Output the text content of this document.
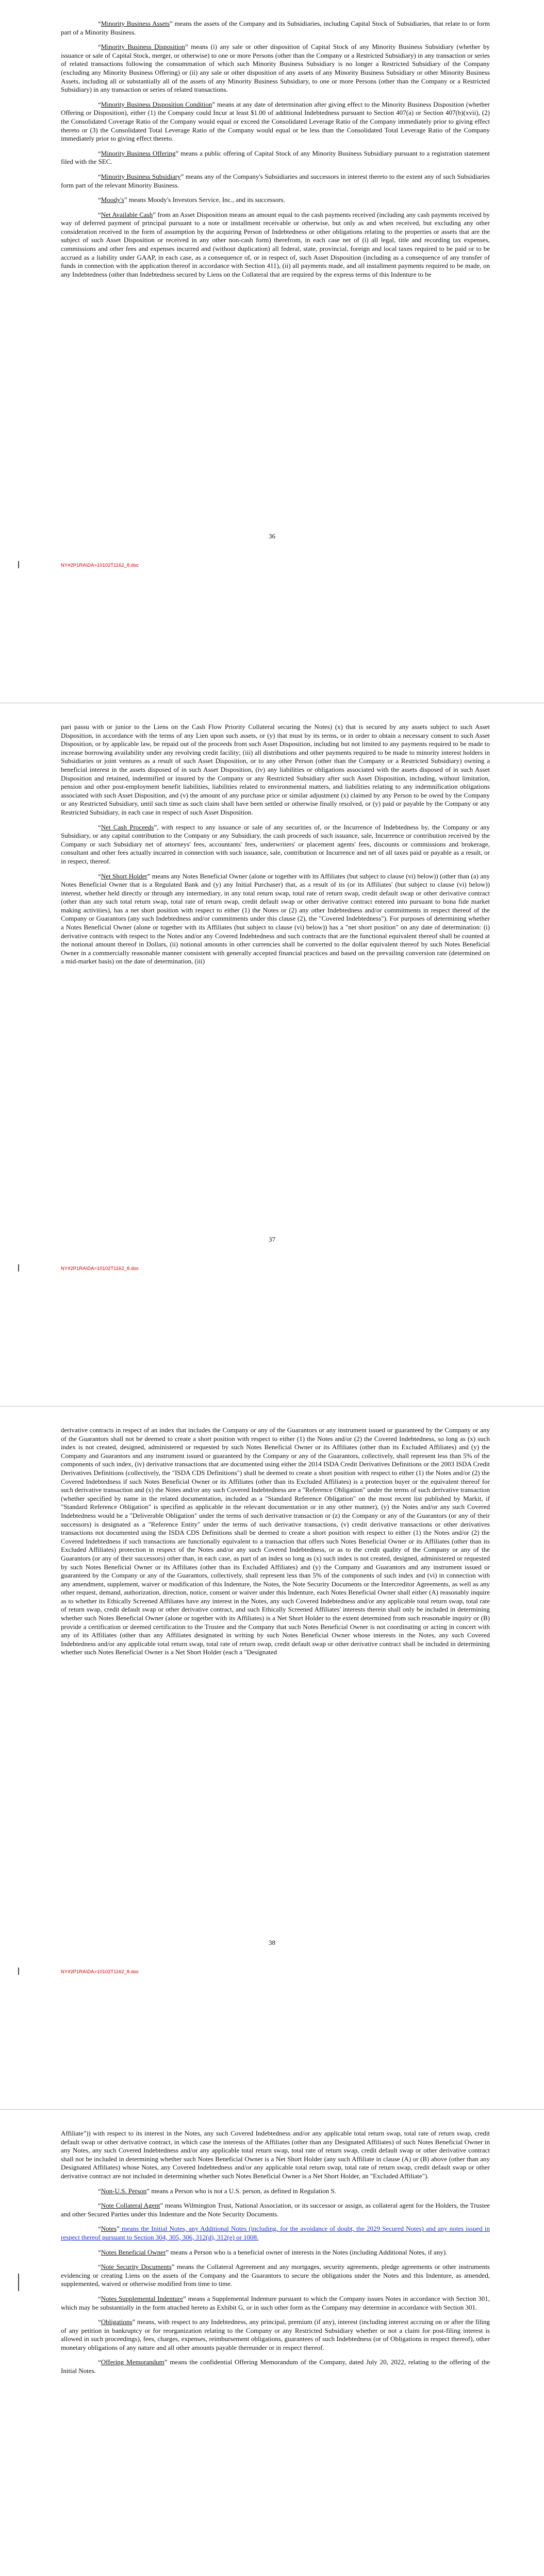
“Minority Business Assets” means the assets of the Company and its Subsidiaries, including Capital Stock of Subsidiaries, that relate to or form part of a Minority Business.

“Minority Business Disposition” means (i) any sale or other disposition of Capital Stock of any Minority Business Subsidiary (whether by issuance or sale of Capital Stock, merger, or otherwise) to one or more Persons (other than the Company or a Restricted Subsidiary) in any transaction or series of related transactions following the consummation of which such Minority Business Subsidiary is no longer a Restricted Subsidiary of the Company (excluding any Minority Business Offering) or (ii) any sale or other disposition of any assets of any Minority Business Subsidiary or other Minority Business Assets, including all or substantially all of the assets of any Minority Business Subsidiary, to one or more Persons (other than the Company or a Restricted Subsidiary) in any transaction or series of related transactions.

“Minority Business Disposition Condition” means at any date of determination after giving effect to the Minority Business Disposition (whether Offering or Disposition), either (1) the Company could Incur at least $1.00 of additional Indebtedness pursuant to Section 407(a) or Section 407(b)(xvii), (2) the Consolidated Coverage Ratio of the Company would equal or exceed the Consolidated Leverage Ratio of the Company immediately prior to giving effect thereto or (3) the Consolidated Total Leverage Ratio of the Company would equal or be less than the Consolidated Total Leverage Ratio of the Company immediately prior to giving effect thereto.

“Minority Business Offering” means a public offering of Capital Stock of any Minority Business Subsidiary pursuant to a registration statement filed with the SEC.

“Minority Business Subsidiary” means any of the Company's Subsidiaries and successors in interest thereto to the extent any of such Subsidiaries form part of the relevant Minority Business.

“Moody's” means Moody's Investors Service, Inc., and its successors.

“Net Available Cash” from an Asset Disposition means an amount equal to the cash payments received (including any cash payments received by way of deferred payment of principal pursuant to a note or installment receivable or otherwise, but only as and when received, but excluding any other consideration received in the form of assumption by the acquiring Person of Indebtedness or other obligations relating to the properties or assets that are the subject of such Asset Disposition or received in any other non-cash form) therefrom, in each case net of (i) all legal, title and recording tax expenses, commissions and other fees and expenses incurred and (without duplication) all federal, state, provincial, foreign and local taxes required to be paid or to be accrued as a liability under GAAP, in each case, as a consequence of, or in respect of, such Asset Disposition (including as a consequence of any transfer of funds in connection with the application thereof in accordance with Section 411), (ii) all payments made, and all installment payments required to be made, on any Indebtedness (other than Indebtedness secured by Liens on the Collateral that are required by the express terms of this Indenture to be

36
NY#2P1RA\DA>10102T1162_8.doc

pari passu with or junior to the Liens on the Cash Flow Priority Collateral securing the Notes) (x) that is secured by any assets subject to such Asset Disposition, in accordance with the terms of any Lien upon such assets, or (y) that must by its terms, or in order to obtain a necessary consent to such Asset Disposition, or by applicable law, be repaid out of the proceeds from such Asset Disposition, including but not limited to any payments required to be made to increase borrowing availability under any revolving credit facility; (iii) all distributions and other payments required to be made to minority interest holders in Subsidiaries or joint ventures as a result of such Asset Disposition, or to any other Person (other than the Company or a Restricted Subsidiary) owning a beneficial interest in the assets disposed of in such Asset Disposition, (iv) any liabilities or obligations associated with the assets disposed of in such Asset Disposition and retained, indemnified or insured by the Company or any Restricted Subsidiary after such Asset Disposition, including, without limitation, pension and other post-employment benefit liabilities, liabilities related to environmental matters, and liabilities relating to any indemnification obligations associated with such Asset Disposition, and (v) the amount of any purchase price or similar adjustment (x) claimed by any Person to be owed by the Company or any Restricted Subsidiary, until such time as such claim shall have been settled or otherwise finally resolved, or (y) paid or payable by the Company or any Restricted Subsidiary, in each case in respect of such Asset Disposition.

“Net Cash Proceeds”, with respect to any issuance or sale of any securities of, or the Incurrence of Indebtedness by, the Company or any Subsidiary, or any capital contribution to the Company or any Subsidiary, the cash proceeds of such issuance, sale, Incurrence or contribution received by the Company or such Subsidiary net of attorneys' fees, accountants' fees, underwriters' or placement agents' fees, discounts or commissions and brokerage, consultant and other fees actually incurred in connection with such issuance, sale, contribution or Incurrence and net of all taxes paid or payable as a result, or in respect, thereof.

“Net Short Holder” means any Notes Beneficial Owner (alone or together with its Affiliates (but subject to clause (vi) below)) (other than (a) any Notes Beneficial Owner that is a Regulated Bank and (y) any Initial Purchaser) that, as a result of its (or its Affiliates' (but subject to clause (vi) below)) interest, whether held directly or through any intermediary, in any total return swap, total rate of return swap, credit default swap or other derivative contract (other than any such total return swap, total rate of return swap, credit default swap or other derivative contract entered into pursuant to bona fide market making activities), has a net short position with respect to either (1) the Notes or (2) any other Indebtedness and/or commitments in respect thereof of the Company or Guarantors (any such Indebtedness and/or commitments under this clause (2), the "Covered Indebtedness"). For purposes of determining whether a Notes Beneficial Owner (alone or together with its Affiliates (but subject to clause (vi) below)) has a "net short position" on any date of determination: (i) derivative contracts with respect to the Notes and/or any Covered Indebtedness and such contracts that are the functional equivalent thereof shall be counted at the notional amount thereof in Dollars, (ii) notional amounts in other currencies shall be converted to the dollar equivalent thereof by such Notes Beneficial Owner in a commercially reasonable manner consistent with generally accepted financial practices and based on the prevailing conversion rate (determined on a mid-market basis) on the date of determination, (iii)

37
NY#2P1RA\DA>10102T1162_8.doc

derivative contracts in respect of an index that includes the Company or any of the Guarantors or any instrument issued or guaranteed by the Company or any of the Guarantors shall not be deemed to create a short position with respect to either (1) the Notes and/or (2) the Covered Indebtedness, so long as (x) such index is not created, designed, administered or requested by such Notes Beneficial Owner or its Affiliates (other than its Excluded Affiliates) and (y) the Company and Guarantors and any instrument issued or guaranteed by the Company or any of the Guarantors, collectively, shall represent less than 5% of the components of such index, (iv) derivative transactions that are documented using either the 2014 ISDA Credit Derivatives Definitions or the 2003 ISDA Credit Derivatives Definitions (collectively, the "ISDA CDS Definitions") shall be deemed to create a short position with respect to either (1) the Notes and/or (2) the Covered Indebtedness if such Notes Beneficial Owner or its Affiliates (other than its Excluded Affiliates) is a protection buyer or the equivalent thereof for such derivative transaction and (x) the Notes and/or any such Covered Indebtedness are a "Reference Obligation" under the terms of such derivative transaction (whether specified by name in the related documentation, included as a "Standard Reference Obligation" on the most recent list published by Markit, if "Standard Reference Obligation" is specified as applicable in the relevant documentation or in any other manner), (y) the Notes and/or any such Covered Indebtedness would be a "Deliverable Obligation" under the terms of such derivative transaction or (z) the Company or any of the Guarantors (or any of their successors) is designated as a "Reference Entity" under the terms of such derivative transactions, (v) credit derivative transactions or other derivatives transactions not documented using the ISDA CDS Definitions shall be deemed to create a short position with respect to either (1) the Notes and/or (2) the Covered Indebtedness if such transactions are functionally equivalent to a transaction that offers such Notes Beneficial Owner or its Affiliates (other than its Excluded Affiliates) protection in respect of the Notes and/or any such Covered Indebtedness, or as to the credit quality of the Company or any of the Guarantors (or any of their successors) other than, in each case, as part of an index so long as (x) such index is not created, designed, administered or requested by such Notes Beneficial Owner or its Affiliates (other than its Excluded Affiliates) and (y) the Company and Guarantors and any instrument issued or guaranteed by the Company or any of the Guarantors, collectively, shall represent less than 5% of the components of such index and (vi) in connection with any amendment, supplement, waiver or modification of this Indenture, the Notes, the Note Security Documents or the Intercreditor Agreements, as well as any other request, demand, authorization, direction, notice, consent or waiver under this Indenture, each Notes Beneficial Owner shall either (A) reasonably inquire as to whether its Ethically Screened Affiliates have any interest in the Notes, any such Covered Indebtedness and/or any applicable total return swap, total rate of return swap, credit default swap or other derivative contract, and such Ethically Screened Affiliates' interests therein shall only be included in determining whether such Notes Beneficial Owner (alone or together with its Affiliates) is a Net Short Holder to the extent determined from such reasonable inquiry or (B) provide a certification or deemed certification to the Trustee and the Company that such Notes Beneficial Owner is not coordinating or acting in concert with any of its Affiliates (other than any Affiliates designated in writing by such Notes Beneficial Owner whose interests in the Notes, any such Covered Indebtedness and/or any applicable total return swap, total rate of return swap, credit default swap or other derivative contract shall be included in determining whether such Notes Beneficial Owner is a Net Short Holder (each a "Designated

38
NY#2P1RA\DA>10102T1162_8.doc

Affiliate")) with respect to its interest in the Notes, any such Covered Indebtedness and/or any applicable total return swap, total rate of return swap, credit default swap or other derivative contract, in which case the interests of the Affiliates (other than any Designated Affiliates) of such Notes Beneficial Owner in any Notes, any such Covered Indebtedness and/or any applicable total return swap, total rate of return swap, credit default swap or other derivative contract shall not be included in determining whether such Notes Beneficial Owner is a Net Short Holder (any such Affiliate in clause (A) or (B) above (other than any Designated Affiliates) whose Notes, any Covered Indebtedness and/or any applicable total return swap, total rate of return swap, credit default swap or other derivative contract are not included in determining whether such Notes Beneficial Owner is a Net Short Holder, an "Excluded Affiliate").

“Non-U.S. Person” means a Person who is not a U.S. person, as defined in Regulation S.

“Note Collateral Agent” means Wilmington Trust, National Association, or its successor or assign, as collateral agent for the Holders, the Trustee and other Secured Parties under this Indenture and the Note Security Documents.

“Notes” means the Initial Notes, any Additional Notes (including, for the avoidance of doubt, the 2029 Secured Notes) and any notes issued in respect thereof pursuant to Section 304, 305, 306, 312(d), 312(e) or 1008.

“Notes Beneficial Owner” means a Person who is a beneficial owner of interests in the Notes (including Additional Notes, if any).

“Note Security Documents” means the Collateral Agreement and any mortgages, security agreements, pledge agreements or other instruments evidencing or creating Liens on the assets of the Company and the Guarantors to secure the obligations under the Notes and this Indenture, as amended, supplemented, waived or otherwise modified from time to time.

“Notes Supplemental Indenture” means a Supplemental Indenture pursuant to which the Company issues Notes in accordance with Section 301, which may be substantially in the form attached hereto as Exhibit G, or in such other form as the Company may determine in accordance with Section 301.

“Obligations” means, with respect to any Indebtedness, any principal, premium (if any), interest (including interest accruing on or after the filing of any petition in bankruptcy or for reorganization relating to the Company or any Restricted Subsidiary whether or not a claim for post-filing interest is allowed in such proceedings), fees, charges, expenses, reimbursement obligations, guarantees of such Indebtedness (or of Obligations in respect thereof), other monetary obligations of any nature and all other amounts payable thereunder or in respect thereof.

“Offering Memorandum” means the confidential Offering Memorandum of the Company, dated July 20, 2022, relating to the offering of the Initial Notes.
